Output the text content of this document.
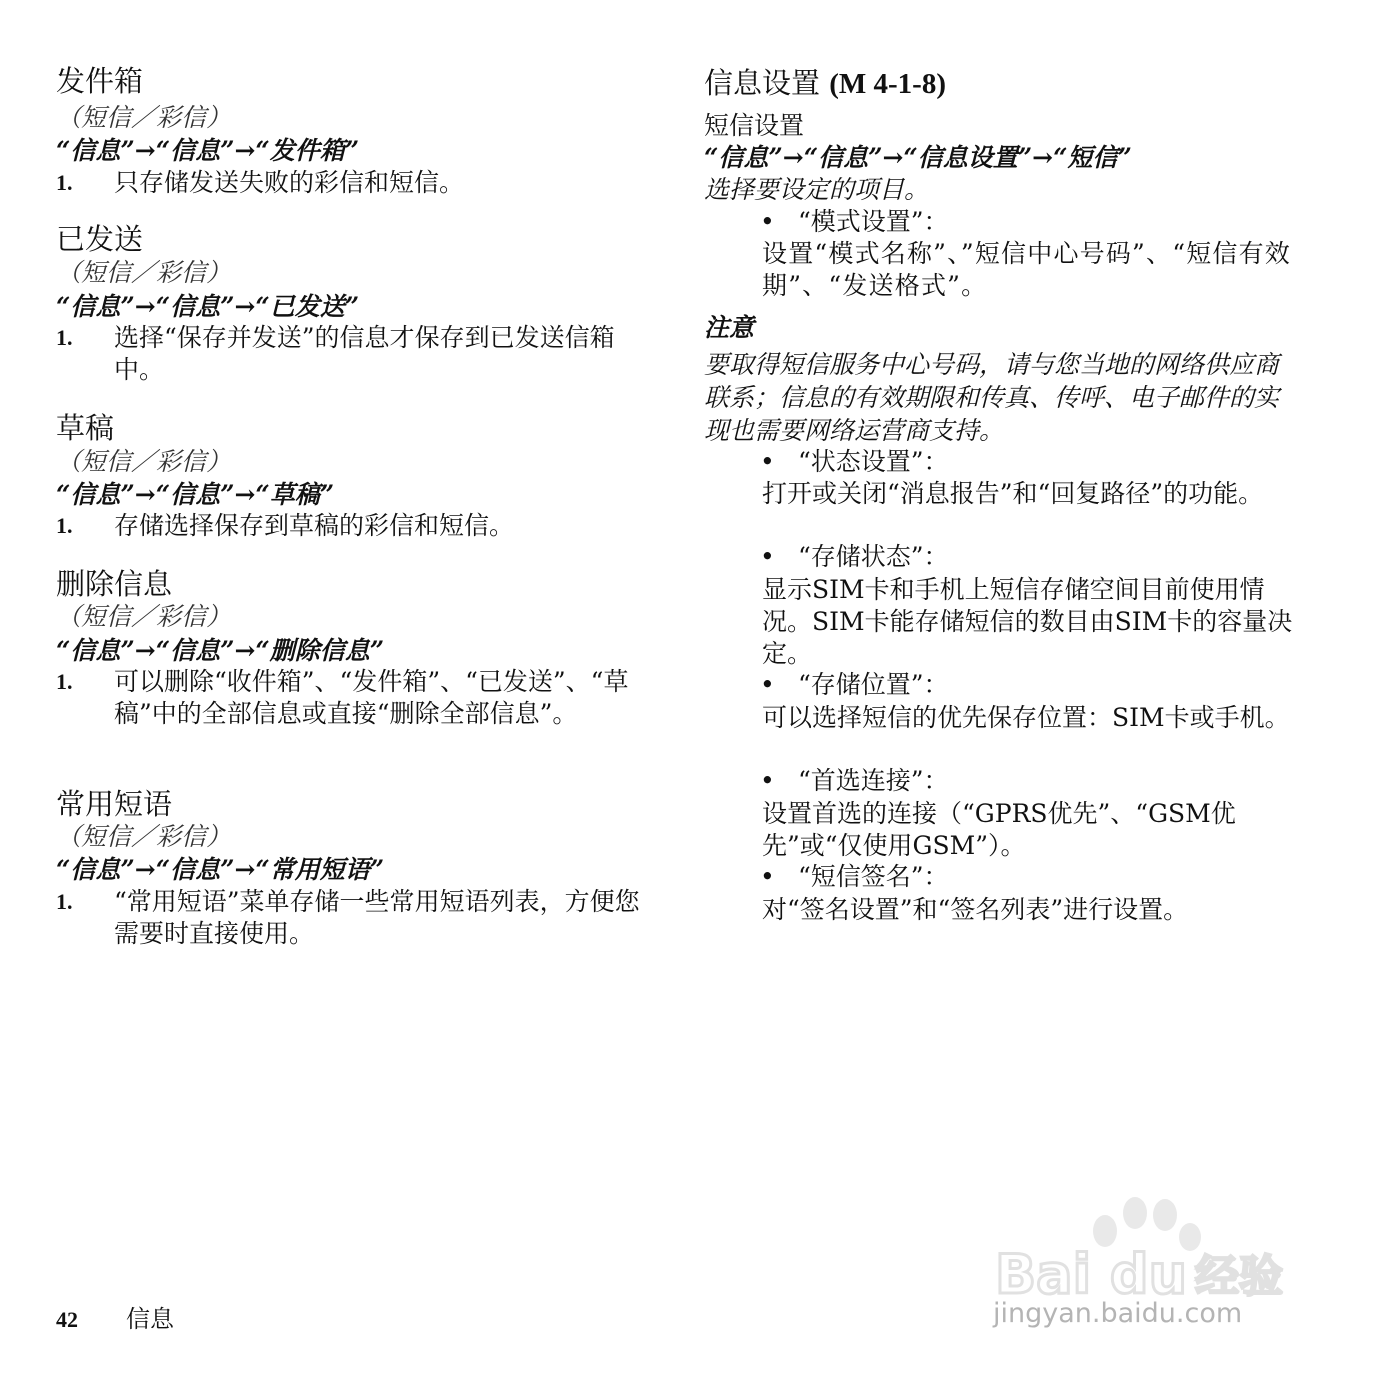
发件箱
（短信／彩信）
“信息”→“信息”→“发件箱”
1. 只存储发送失败的彩信和短信。
已发送
（短信／彩信）
“信息”→“信息”→“已发送”
1. 选择“保存并发送”的信息才保存到已发送信箱中。
草稿
（短信／彩信）
“信息”→“信息”→“草稿”
1. 存储选择保存到草稿的彩信和短信。
删除信息
（短信／彩信）
“信息”→“信息”→“删除信息”
1. 可以删除“收件箱”、“发件箱”、“已发送”、“草稿”中的全部信息或直接“删除全部信息”。
常用短语
（短信／彩信）
“信息”→“信息”→“常用短语”
1. “常用短语”菜单存储一些常用短语列表，方便您需要时直接使用。
信息设置 (M 4-1-8)
短信设置
“信息”→“信息”→“信息设置”→“短信”
选择要设定的项目。
• “模式设置”：
设置“模式名称”、”短信中心号码”、“短信有效期”、“发送格式”。
注意
要取得短信服务中心号码，请与您当地的网络供应商联系；信息的有效期限和传真、传呼、电子邮件的实现也需要网络运营商支持。
• “状态设置”：
打开或关闭“消息报告”和“回复路径”的功能。
• “存储状态”：
显示SIM卡和手机上短信存储空间目前使用情况。SIM卡能存储短信的数目由SIM卡的容量决定。
• “存储位置”：
可以选择短信的优先保存位置：SIM卡或手机。
• “首选连接”：
设置首选的连接（“GPRS优先”、“GSM优先”或“仅使用GSM”）。
• “短信签名”：
对“签名设置”和“签名列表”进行设置。
42 信息
Bai du 经验
jingyan.baidu.com
